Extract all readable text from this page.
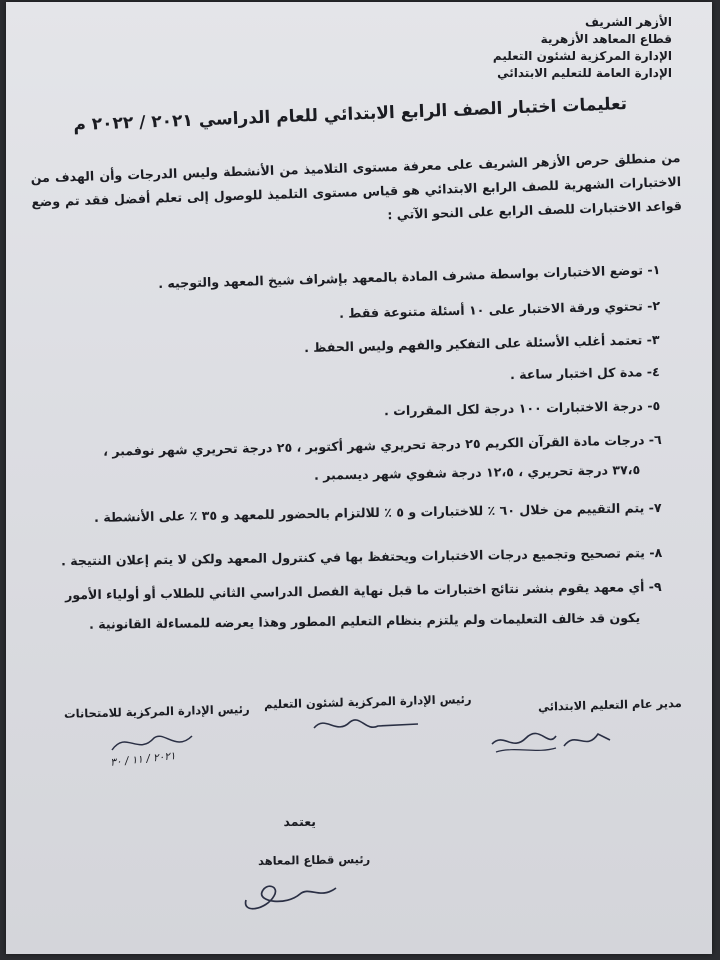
الأزهر الشريف
قطاع المعاهد الأزهرية
الإدارة المركزية لشئون التعليم
الإدارة العامة للتعليم الابتدائي
تعليمات اختبار الصف الرابع الابتدائي للعام الدراسي ٢٠٢١ / ٢٠٢٢ م
من منطلق حرص الأزهر الشريف على معرفة مستوى التلاميذ من الأنشطة وليس الدرجات وأن الهدف من الاختبارات الشهرية للصف الرابع الابتدائي هو قياس مستوى التلميذ للوصول إلى تعلم أفضل فقد تم وضع قواعد الاختبارات للصف الرابع على النحو الآتي :
١- توضع الاختبارات بواسطة مشرف المادة بالمعهد بإشراف شيخ المعهد والتوجيه .
٢- تحتوي ورقة الاختبار على ١٠ أسئلة متنوعة فقط .
٣- تعتمد أغلب الأسئلة على التفكير والفهم وليس الحفظ .
٤- مدة كل اختبار ساعة .
٥- درجة الاختبارات ١٠٠ درجة لكل المقررات .
٦- درجات مادة القرآن الكريم ٢٥ درجة تحريري شهر أكتوبر ، ٢٥ درجة تحريري شهر نوفمبر ،
٣٧،٥ درجة تحريري ، ١٢،٥ درجة شفوي شهر ديسمبر .
٧- يتم التقييم من خلال ٦٠ ٪ للاختبارات و ٥ ٪ للالتزام بالحضور للمعهد و ٣٥ ٪ على الأنشطة .
٨- يتم تصحيح وتجميع درجات الاختبارات ويحتفظ بها في كنترول المعهد ولكن لا يتم إعلان النتيجة .
٩- أي معهد يقوم بنشر نتائج اختبارات ما قبل نهاية الفصل الدراسي الثاني للطلاب أو أولياء الأمور
يكون قد خالف التعليمات ولم يلتزم بنظام التعليم المطور وهذا يعرضه للمساءلة القانونية .
مدير عام التعليم الابتدائي
رئيس الإدارة المركزية لشئون التعليم
رئيس الإدارة المركزية للامتحانات
٢٠٢١ / ١١ / ٣٠
يعتمد
رئيس قطاع المعاهد
